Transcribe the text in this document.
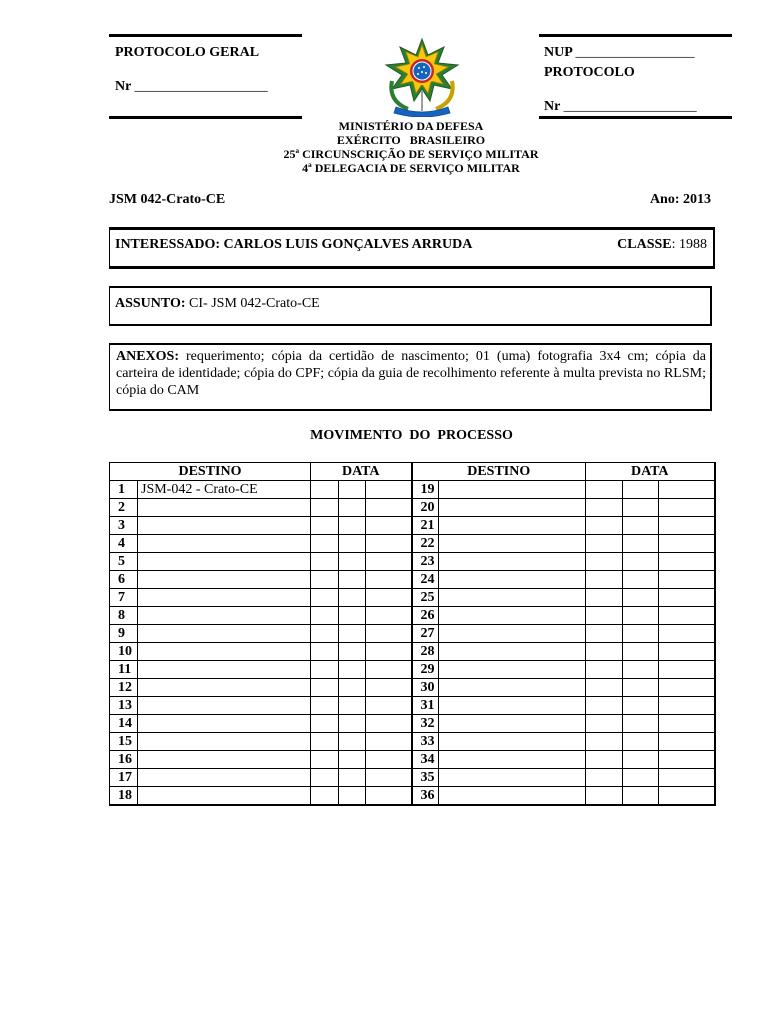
PROTOCOLO GERAL
Nr ___________________
NUP _________________
PROTOCOLO
Nr ___________________
MINISTÉRIO DA DEFESA
EXÉRCITO   BRASILEIRO
25ª CIRCUNSCRIÇÃO DE SERVIÇO MILITAR
4ª DELEGACIA DE SERVIÇO MILITAR
JSM 042-Crato-CE	Ano: 2013
INTERESSADO: CARLOS LUIS GONÇALVES ARRUDA	CLASSE: 1988
ASSUNTO: CI- JSM 042-Crato-CE
ANEXOS: requerimento; cópia da certidão de nascimento; 01 (uma) fotografia 3x4 cm; cópia da carteira de identidade; cópia do CPF; cópia da guia de recolhimento referente à multa prevista no RLSM; cópia do CAM
MOVIMENTO  DO  PROCESSO
DESTINO		DATA			DESTINO		DATA		
1	JSM-042 - Crato-CE				19				
2					20				
3					21				
4					22				
5					23				
6					24				
7					25				
8					26				
9					27				
10					28				
11					29				
12					30				
13					31				
14					32				
15					33				
16					34				
17					35				
18					36				
